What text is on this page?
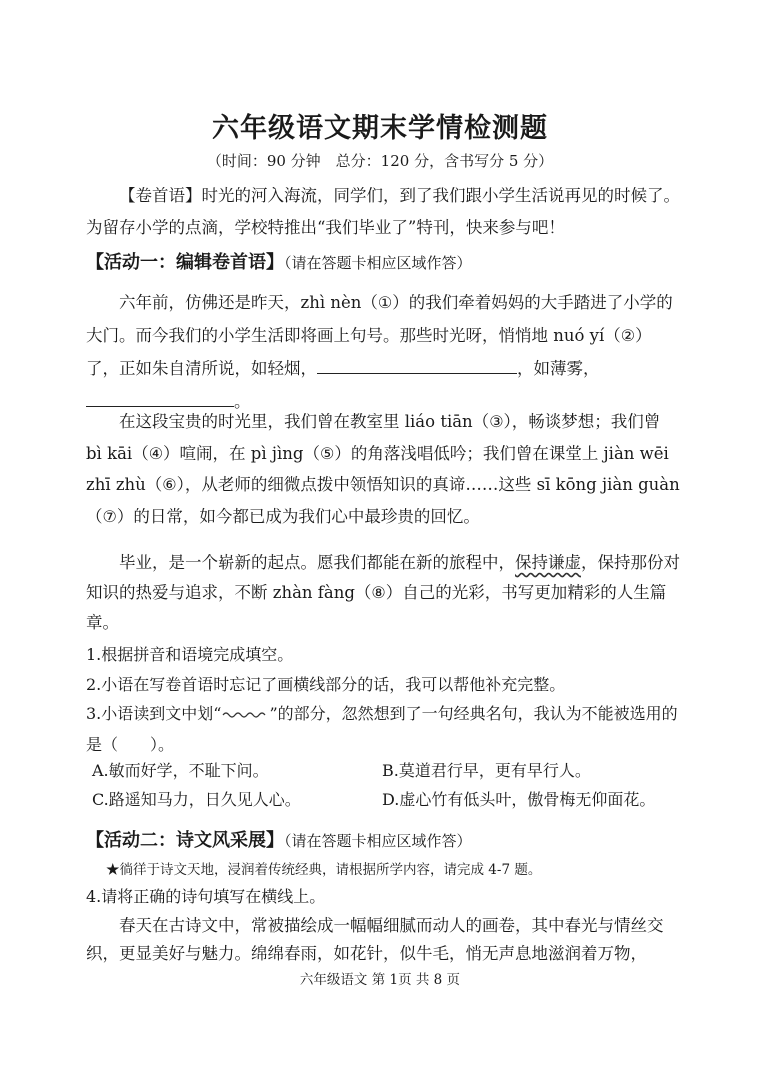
六年级语文期末学情检测题
（时间：90 分钟　总分：120 分，含书写分 5 分）
【卷首语】时光的河入海流，同学们，到了我们跟小学生活说再见的时候了。为留存小学的点滴，学校特推出“我们毕业了”特刊，快来参与吧！
【活动一：编辑卷首语】（请在答题卡相应区域作答）
六年前，仿佛还是昨天，zhì nèn（①）的我们牵着妈妈的大手踏进了小学的大门。而今我们的小学生活即将画上句号。那些时光呀，悄悄地 nuó yí（②）了，正如朱自清所说，如轻烟，	，如薄雾，。
在这段宝贵的时光里，我们曾在教室里 liáo tiān（③），畅谈梦想；我们曾 bì kāi（④）喧闹，在 pì jìng（⑤）的角落浅唱低吟；我们曾在课堂上 jiàn wēi zhī zhù（⑥），从老师的细微点拨中领悟知识的真谛……这些 sī kōng jiàn guàn（⑦）的日常，如今都已成为我们心中最珍贵的回忆。
毕业，是一个崭新的起点。愿我们都能在新的旅程中，保持谦虚，保持那份对知识的热爱与追求，不断 zhàn fàng（⑧）自己的光彩，书写更加精彩的人生篇章。
1.根据拼音和语境完成填空。
2.小语在写卷首语时忘记了画横线部分的话，我可以帮他补充完整。
3.小语读到文中划“	”的部分，忽然想到了一句经典名句，我认为不能被选用的是（　　）。
A.敏而好学，不耻下问。	B.莫道君行早，更有早行人。
C.路遥知马力，日久见人心。	D.虚心竹有低头叶，傲骨梅无仰面花。
【活动二：诗文风采展】（请在答题卡相应区域作答）
★徜徉于诗文天地，浸润着传统经典，请根据所学内容，请完成 4-7 题。
4.请将正确的诗句填写在横线上。
春天在古诗文中，常被描绘成一幅幅细腻而动人的画卷，其中春光与情丝交织，更显美好与魅力。绵绵春雨，如花针，似牛毛，悄无声息地滋润着万物，
六年级语文 第 1页 共 8 页
